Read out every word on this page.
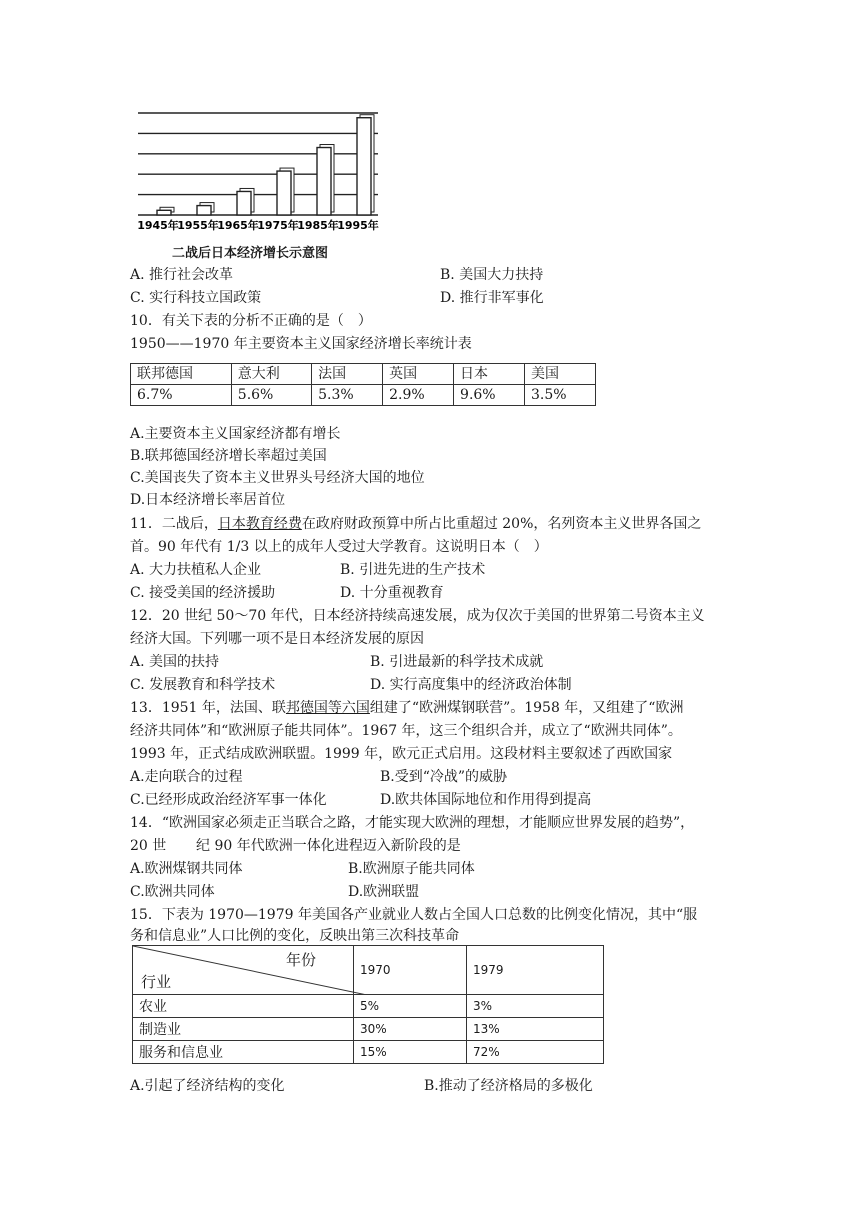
1945年
1955年
1965年
1975年
1985年
1995年
二战后日本经济增长示意图
A. 推行社会改革	B. 美国大力扶持
C. 实行科技立国政策	D. 推行非军事化
10．有关下表的分析不正确的是（　）
1950——1970 年主要资本主义国家经济增长率统计表
联邦德国	意大利	法国	英国	日本	美国
6.7%	5.6%	5.3%	2.9%	9.6%	3.5%
A.主要资本主义国家经济都有增长
B.联邦德国经济增长率超过美国
C.美国丧失了资本主义世界头号经济大国的地位
D.日本经济增长率居首位
11．二战后，日本教育经费在政府财政预算中所占比重超过 20%，名列资本主义世界各国之
首。90 年代有 1/3 以上的成年人受过大学教育。这说明日本（　）
A. 大力扶植私人企业	B. 引进先进的生产技术
C. 接受美国的经济援助	D. 十分重视教育
12．20 世纪 50～70 年代，日本经济持续高速发展，成为仅次于美国的世界第二号资本主义
经济大国。下列哪一项不是日本经济发展的原因
A. 美国的扶持	B. 引进最新的科学技术成就
C. 发展教育和科学技术	D. 实行高度集中的经济政治体制
13．1951 年，法国、联邦德国等六国组建了“欧洲煤钢联营”。1958 年，又组建了“欧洲
经济共同体”和“欧洲原子能共同体”。1967 年，这三个组织合并，成立了“欧洲共同体”。
1993 年，正式结成欧洲联盟。1999 年，欧元正式启用。这段材料主要叙述了西欧国家
A.走向联合的过程	B.受到“冷战”的威胁
C.已经形成政治经济军事一体化	D.欧共体国际地位和作用得到提高
14．“欧洲国家必须走正当联合之路，才能实现大欧洲的理想，才能顺应世界发展的趋势”，
20 世 纪 90 年代欧洲一体化进程迈入新阶段的是
A.欧洲煤钢共同体	B.欧洲原子能共同体
C.欧洲共同体	D.欧洲联盟
15．下表为 1970—1979 年美国各产业就业人数占全国人口总数的比例变化情况，其中“服
务和信息业”人口比例的变化，反映出第三次科技革命
年份
行业	1970	1979
农业	5%	3%
制造业	30%	13%
服务和信息业	15%	72%
A.引起了经济结构的变化	B.推动了经济格局的多极化
